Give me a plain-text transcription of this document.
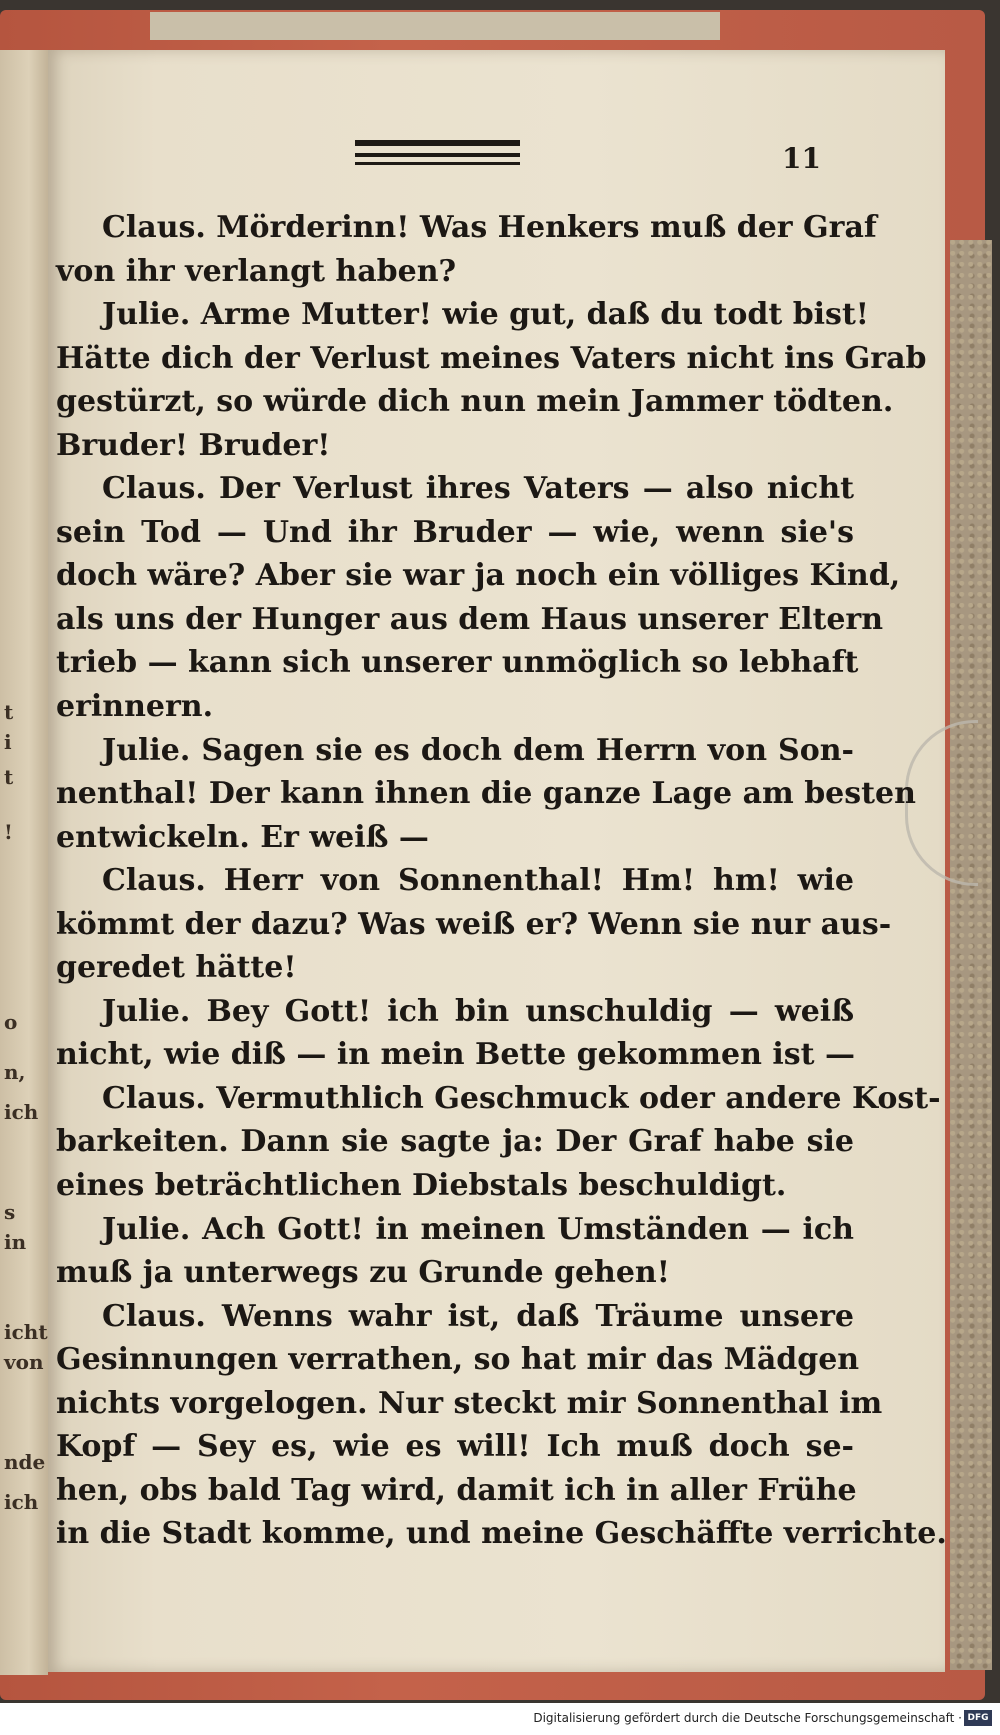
t
i
t
!
o
n,
ich
s
in
icht
von
nde
ich

11

Claus. Mörderinn! Was Henkers muß der Graf
von ihr verlangt haben?
Julie. Arme Mutter! wie gut, daß du todt bist!
Hätte dich der Verlust meines Vaters nicht ins Grab
gestürzt, so würde dich nun mein Jammer tödten.
Bruder! Bruder!
Claus. Der Verlust ihres Vaters — also nicht
sein Tod — Und ihr Bruder — wie, wenn sie's
doch wäre? Aber sie war ja noch ein völliges Kind,
als uns der Hunger aus dem Haus unserer Eltern
trieb — kann sich unserer unmöglich so lebhaft
erinnern.
Julie. Sagen sie es doch dem Herrn von Son-
nenthal! Der kann ihnen die ganze Lage am besten
entwickeln. Er weiß —
Claus. Herr von Sonnenthal! Hm! hm! wie
kömmt der dazu? Was weiß er? Wenn sie nur aus-
geredet hätte!
Julie. Bey Gott! ich bin unschuldig — weiß
nicht, wie diß — in mein Bette gekommen ist —
Claus. Vermuthlich Geschmuck oder andere Kost-
barkeiten. Dann sie sagte ja: Der Graf habe sie
eines beträchtlichen Diebstals beschuldigt.
Julie. Ach Gott! in meinen Umständen — ich
muß ja unterwegs zu Grunde gehen!
Claus. Wenns wahr ist, daß Träume unsere
Gesinnungen verrathen, so hat mir das Mädgen
nichts vorgelogen. Nur steckt mir Sonnenthal im
Kopf — Sey es, wie es will! Ich muß doch se-
hen, obs bald Tag wird, damit ich in aller Frühe
in die Stadt komme, und meine Geschäffte verrichte.
Digitalisierung gefördert durch die Deutsche Forschungsgemeinschaft · DFG
